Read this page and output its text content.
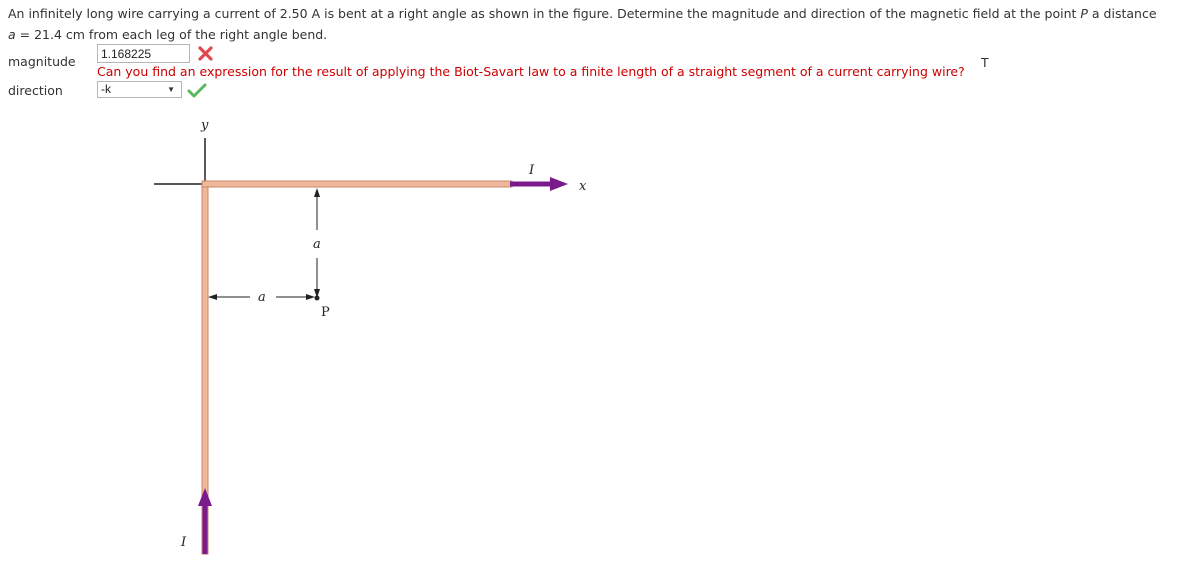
An infinitely long wire carrying a current of 2.50 A is bent at a right angle as shown in the figure. Determine the magnitude and direction of the magnetic field at the point P a distance
a = 21.4 cm from each leg of the right angle bend.
magnitude	1.168225
Can you find an expression for the result of applying the Biot-Savart law to a finite length of a straight segment of a current carrying wire?
T
direction	-k	▼
y
x
I
I
a
a
P
